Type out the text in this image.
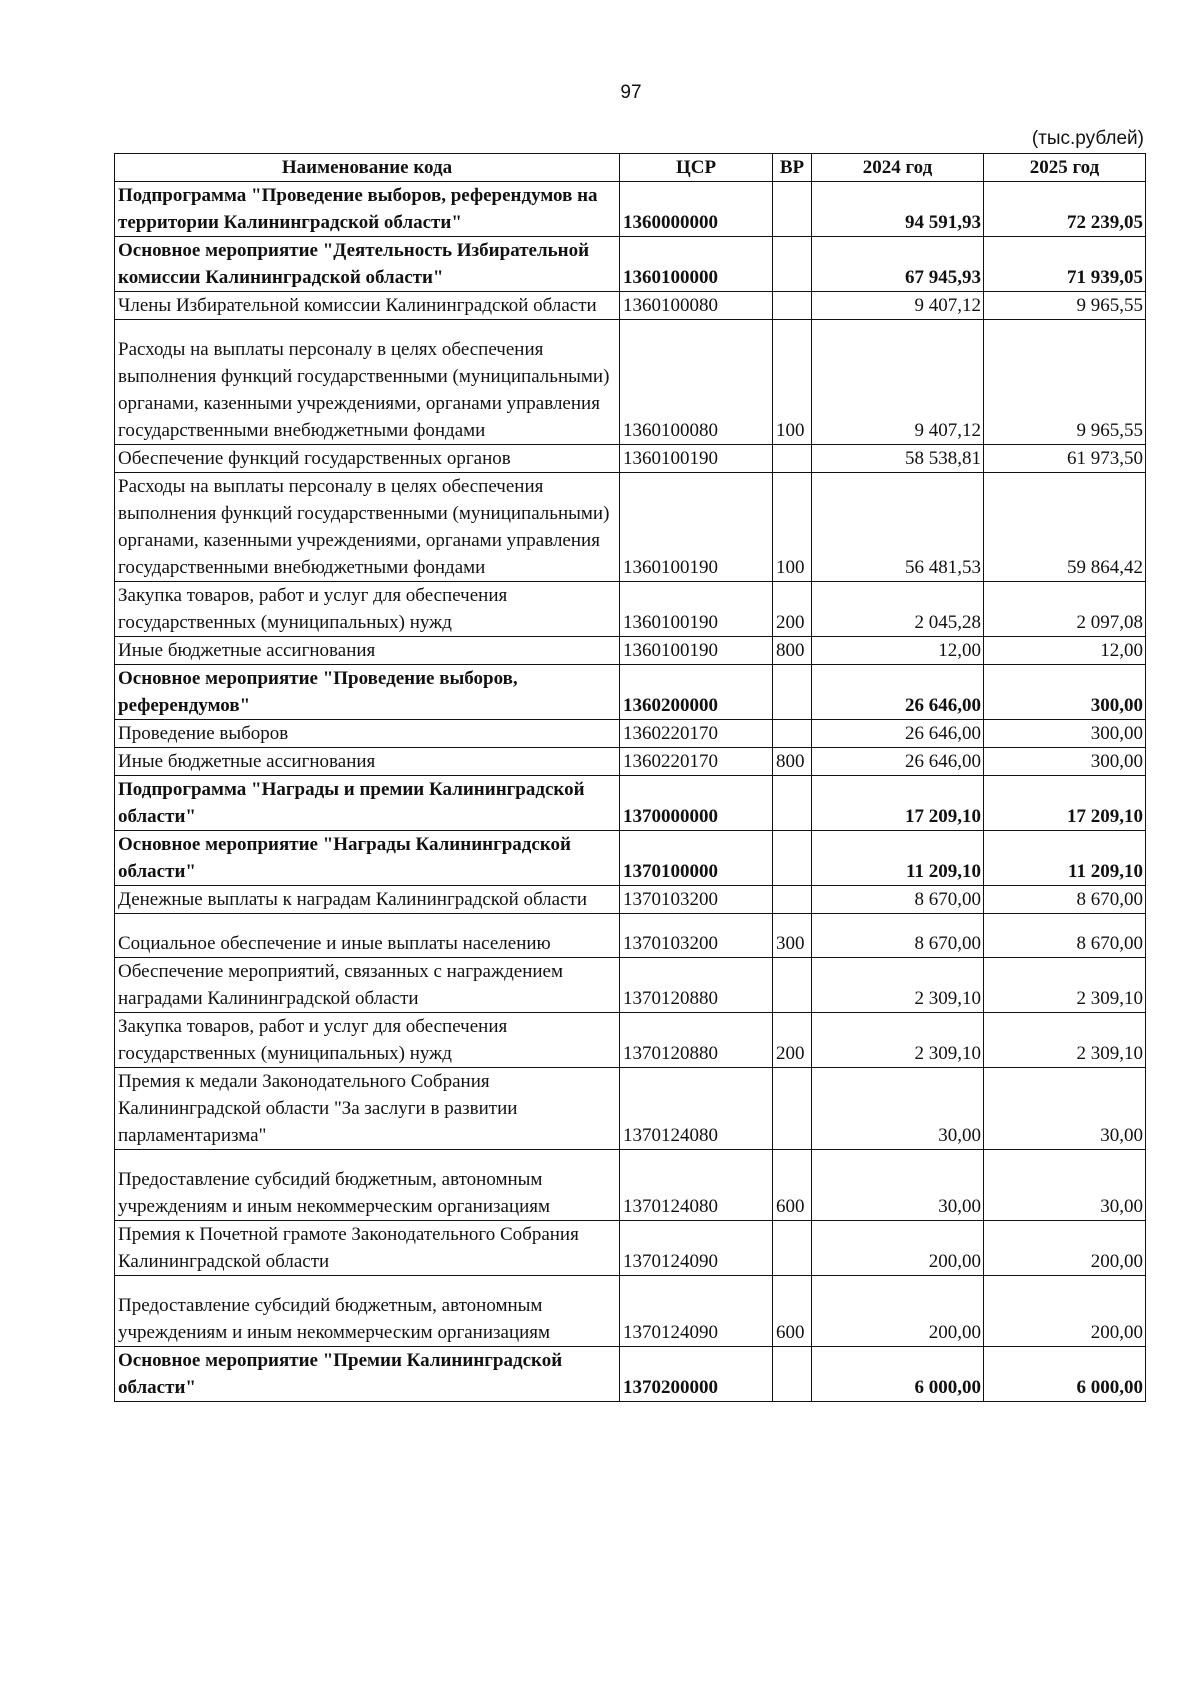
97
(тыс.рублей)
Наименование кода	ЦСР	ВР	2024 год	2025 год
Подпрограмма "Проведение выборов, референдумов на территории Калининградской области"	1360000000		94 591,93	72 239,05
Основное мероприятие "Деятельность Избирательной комиссии Калининградской области"	1360100000		67 945,93	71 939,05
Члены Избирательной комиссии Калининградской области	1360100080		9 407,12	9 965,55
Расходы на выплаты персоналу в целях обеспечения выполнения функций государственными (муниципальными) органами, казенными учреждениями, органами управления государственными внебюджетными фондами	1360100080	100	9 407,12	9 965,55
Обеспечение функций государственных органов	1360100190		58 538,81	61 973,50
Расходы на выплаты персоналу в целях обеспечения выполнения функций государственными (муниципальными) органами, казенными учреждениями, органами управления государственными внебюджетными фондами	1360100190	100	56 481,53	59 864,42
Закупка товаров, работ и услуг для обеспечения государственных (муниципальных) нужд	1360100190	200	2 045,28	2 097,08
Иные бюджетные ассигнования	1360100190	800	12,00	12,00
Основное мероприятие "Проведение выборов, референдумов"	1360200000		26 646,00	300,00
Проведение выборов	1360220170		26 646,00	300,00
Иные бюджетные ассигнования	1360220170	800	26 646,00	300,00
Подпрограмма "Награды и премии Калининградской области"	1370000000		17 209,10	17 209,10
Основное мероприятие "Награды Калининградской области"	1370100000		11 209,10	11 209,10
Денежные выплаты к наградам Калининградской области	1370103200		8 670,00	8 670,00
Социальное обеспечение и иные выплаты населению	1370103200	300	8 670,00	8 670,00
Обеспечение мероприятий, связанных с награждением наградами Калининградской области	1370120880		2 309,10	2 309,10
Закупка товаров, работ и услуг для обеспечения государственных (муниципальных) нужд	1370120880	200	2 309,10	2 309,10
Премия к медали Законодательного Собрания Калининградской области "За заслуги в развитии парламентаризма"	1370124080		30,00	30,00
Предоставление субсидий бюджетным, автономным учреждениям и иным некоммерческим организациям	1370124080	600	30,00	30,00
Премия к Почетной грамоте Законодательного Собрания Калининградской области	1370124090		200,00	200,00
Предоставление субсидий бюджетным, автономным учреждениям и иным некоммерческим организациям	1370124090	600	200,00	200,00
Основное мероприятие "Премии Калининградской области"	1370200000		6 000,00	6 000,00
